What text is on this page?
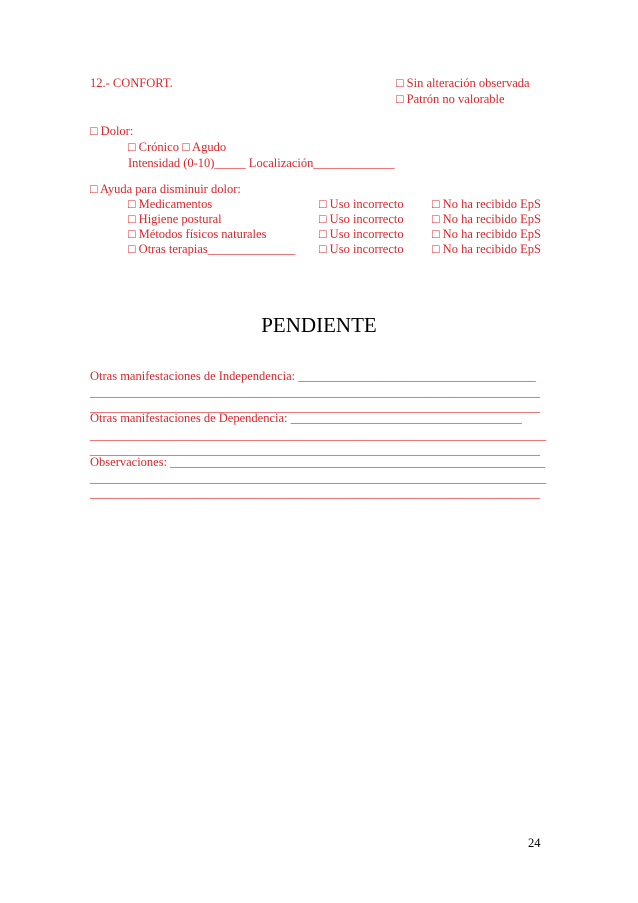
12.- CONFORT.	□ Sin alteración observada
□ Patrón no valorable
□ Dolor:
□ Crónico □ Agudo
Intensidad (0-10)_____ Localización_____________
□ Ayuda para disminuir dolor:
□ Medicamentos	□ Uso incorrecto □ No ha recibido EpS
□ Higiene postural	□ Uso incorrecto □ No ha recibido EpS
□ Métodos físicos naturales	□ Uso incorrecto □ No ha recibido EpS
□ Otras terapias______________ □ Uso incorrecto □ No ha recibido EpS
PENDIENTE
Otras manifestaciones de Independencia: ______________________________________
________________________________________________________________________
________________________________________________________________________
Otras manifestaciones de Dependencia: _____________________________________
_________________________________________________________________________
________________________________________________________________________
Observaciones: ____________________________________________________________
_________________________________________________________________________
________________________________________________________________________
24
